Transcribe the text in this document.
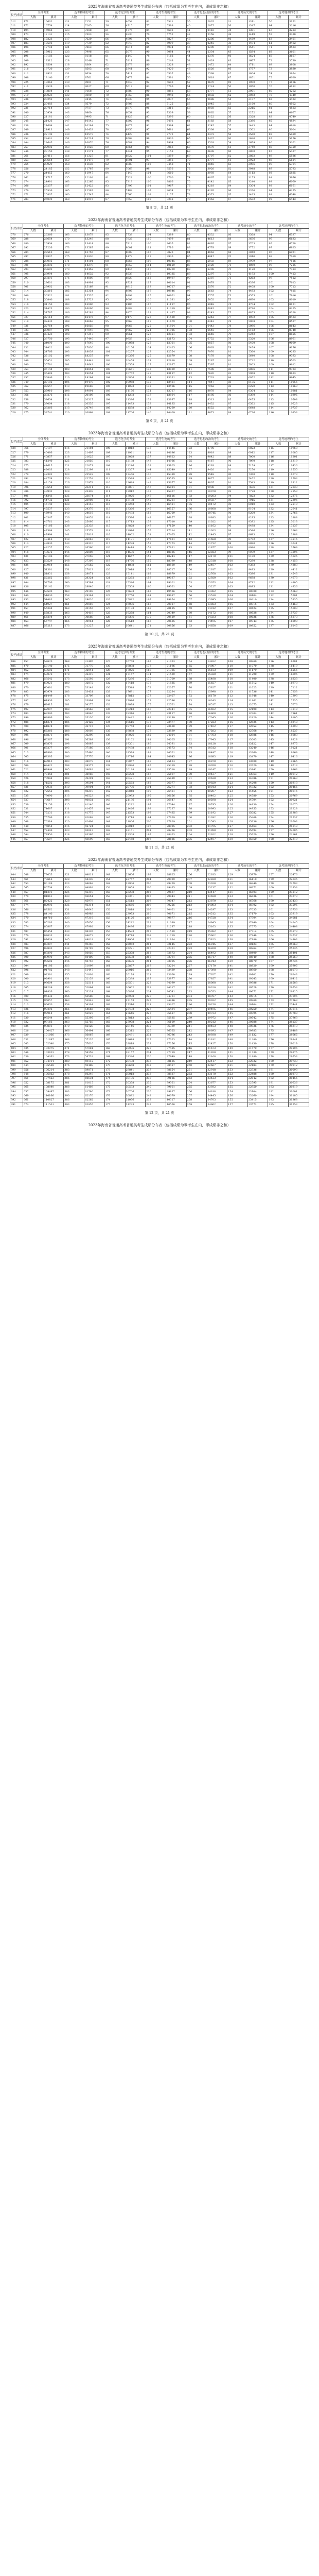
2023年海南省普通高考普通类考生成绩分布表（包括成绩为零考生在内，即成绩非之和）
投档成绩	全体考生		选考物理的考生		选考化学的考生		选考生物的考生		选考思想政治的考生		选考历史的考生		选考地理的考生	
	人数	累计	人数	累计	人数	累计	人数	累计	人数	累计	人数	累计	人数	累计
612	171	16602	121	7151	59	4659	82	5521	35	2035	31	1311	56	3152
611	172	16774	114	7265	56	4715	77	5598	40	2075	36	1347	64	3216
610	194	16968	123	7388	61	4776	84	5682	41	2116	34	1381	67	3283
609	173	17141	115	7503	54	4830	70	5752	42	2158	38	1419	55	3338
608	182	17323	117	7620	66	4896	75	5827	48	2206	40	1459	63	3401
607	183	17506	119	7739	52	4948	82	5909	39	2245	35	1494	61	3462
606	198	17704	124	7863	66	5014	85	5994	45	2290	47	1541	71	3533
605	208	17912	133	7996	65	5079	90	6084	44	2334	43	1584	68	3601
604	191	18103	122	8118	61	5140	78	6162	44	2378	40	1624	66	3667
603	209	18312	128	8246	71	5211	86	6248	51	2429	43	1667	72	3739
602	192	18504	118	8364	62	5273	80	6328	43	2472	44	1711	69	3808
601	216	18720	139	8503	68	5341	92	6420	48	2520	46	1757	72	3880
600	212	18932	131	8634	70	5411	87	6507	48	2568	47	1804	74	3954
599	208	19140	127	8761	66	5477	84	6591	50	2618	47	1851	75	4029
598	225	19365	140	8901	71	5548	92	6683	52	2670	49	1900	77	4106
597	211	19576	126	9027	69	5617	83	6766	54	2724	50	1950	76	4182
596	228	19804	141	9168	72	5689	90	6856	53	2777	51	2001	80	4262
595	219	20023	132	9300	70	5759	86	6942	55	2832	52	2053	78	4340
594	236	20259	145	9445	74	5833	95	7037	56	2888	54	2107	82	4422
593	224	20483	134	9579	72	5905	88	7125	57	2945	53	2160	80	4502
592	231	20714	138	9717	73	5978	91	7216	58	3003	55	2215	81	4583
591	240	20954	143	9860	76	6054	93	7309	59	3062	57	2272	84	4667
590	227	21181	135	9995	71	6125	87	7396	60	3122	56	2328	82	4749
589	245	21426	147	10142	77	6202	96	7492	61	3183	58	2386	85	4834
588	238	21664	142	10284	75	6277	92	7584	62	3245	57	2443	84	4918
587	249	21913	149	10433	78	6355	97	7681	63	3308	59	2502	86	5004
586	236	22149	140	10573	74	6429	91	7772	64	3372	58	2560	85	5089
585	252	22401	151	10724	79	6508	98	7870	65	3437	60	2620	87	5176
584	244	22645	146	10870	76	6584	94	7964	66	3503	59	2679	86	5262
583	257	22902	153	11023	80	6664	99	8063	67	3570	61	2740	88	5350
582	248	23150	148	11171	77	6741	95	8158	68	3638	60	2800	87	5437
581	261	23411	156	11327	81	6822	101	8259	69	3707	62	2862	89	5526
580	253	23664	150	11477	79	6901	97	8356	70	3777	61	2923	88	5614
579	265	23929	158	11635	82	6983	102	8458	71	3848	63	2986	90	5704
578	256	24185	152	11787	80	7063	98	8556	72	3920	62	3048	89	5793
577	270	24455	160	11947	84	7147	104	8660	73	3993	64	3112	92	5885
576	262	24717	155	12102	81	7228	100	8760	74	4067	63	3175	91	5976
575	274	24991	163	12265	85	7313	106	8866	75	4142	65	3240	93	6069
574	266	25257	157	12422	83	7396	101	8967	76	4218	64	3304	92	6161
573	279	25536	165	12587	86	7482	107	9074	77	4295	66	3370	94	6255
572	271	25807	160	12747	84	7566	103	9177	78	4373	65	3435	93	6348
571	283	26090	168	12915	87	7653	108	9285	79	4452	67	3502	95	6443
第 8 页，共 21 页
2023年海南省普通高考普通类考生成绩分布表（包括成绩为零考生在内，即成绩非之和）
投档成绩	全体考生		选考物理的考生		选考化学的考生		选考生物的考生		选考思想政治的考生		选考历史的考生		选考地理的考生	
	人数	累计	人数	累计	人数	累计	人数	累计	人数	累计	人数	累计	人数	累计
570	276	26366	163	13078	85	7738	104	9389	80	4532	66	3568	94	6537
569	288	26654	170	13248	88	7826	110	9499	81	4613	68	3636	96	6633
568	280	26934	166	13414	86	7912	106	9605	82	4695	67	3703	95	6728
567	292	27226	173	13587	89	8001	111	9716	83	4778	69	3772	97	6825
566	284	27510	168	13755	87	8088	107	9823	84	4862	68	3840	96	6921
565	297	27807	175	13930	90	8178	113	9936	85	4947	70	3910	98	7019
564	288	28095	171	14101	88	8266	109	10045	86	5033	69	3979	97	7116
563	301	28396	178	14279	91	8357	114	10159	87	5120	71	4050	99	7215
562	293	28689	173	14452	89	8446	110	10269	88	5208	70	4120	98	7313
561	305	28994	180	14632	92	8538	116	10385	89	5297	72	4192	100	7413
560	297	29291	176	14808	90	8628	112	10497	90	5387	71	4263	99	7512
559	310	29601	183	14991	93	8721	117	10614	91	5478	73	4336	101	7613
558	301	29902	178	15169	91	8812	113	10727	92	5570	72	4408	100	7713
557	314	30216	185	15354	94	8906	119	10846	93	5663	74	4482	102	7815
556	306	30522	181	15535	92	8998	115	10961	94	5757	73	4555	101	7916
555	318	30840	188	15723	95	9093	120	11081	95	5852	75	4630	103	8019
554	310	31150	183	15906	93	9186	116	11197	96	5948	74	4704	102	8121
553	323	31473	190	16096	96	9282	122	11319	97	6045	76	4780	104	8225
552	314	31787	186	16282	94	9376	118	11437	98	6143	75	4855	103	8328
551	327	32114	193	16475	97	9473	123	11560	99	6242	77	4932	105	8433
550	319	32433	188	16663	95	9568	119	11679	100	6342	76	5008	104	8537
549	331	32764	195	16858	98	9666	125	11804	101	6443	78	5086	106	8643
548	323	33087	191	17049	96	9762	121	11925	102	6545	77	5163	105	8748
547	336	33423	198	17247	99	9861	126	12051	103	6648	79	5242	107	8855
546	327	33750	193	17440	97	9958	122	12173	104	6752	78	5320	106	8961
545	340	34090	200	17640	100	10058	128	12301	105	6857	80	5400	108	9069
544	332	34422	196	17836	98	10156	124	12425	106	6963	79	5479	107	9176
543	344	34766	203	18039	101	10257	129	12554	107	7070	81	5560	109	9285
542	336	35102	198	18237	99	10356	125	12679	108	7178	80	5640	108	9393
541	349	35451	205	18442	102	10458	131	12810	109	7287	82	5722	110	9503
540	340	35791	201	18643	100	10558	127	12937	110	7397	81	5803	109	9612
539	353	36144	208	18851	103	10661	132	13069	111	7508	83	5886	111	9723
538	345	36489	203	19054	101	10762	128	13197	112	7620	82	5968	110	9833
537	357	36846	210	19264	104	10866	134	13331	113	7733	84	6052	112	9945
536	349	37195	206	19470	102	10968	130	13461	114	7847	83	6135	111	10056
535	362	37557	213	19683	105	11073	135	13596	115	7962	85	6220	113	10169
534	353	37910	208	19891	103	11176	131	13727	116	8078	84	6304	112	10281
533	366	38276	215	20106	106	11282	137	13864	117	8195	86	6390	114	10395
532	358	38634	211	20317	104	11386	133	13997	118	8313	85	6475	113	10508
531	370	39004	218	20535	107	11493	138	14135	119	8432	87	6562	115	10623
530	362	39366	213	20748	105	11598	134	14269	120	8552	86	6648	114	10737
529	375	39741	220	20968	108	11706	140	14409	121	8673	88	6736	116	10853
第 9 页，共 21 页
2023年海南省普通高考普通类考生成绩分布表（包括成绩为零考生在内，即成绩非之和）
投档成绩	全体考生		选考物理的考生		选考化学的考生		选考生物的考生		选考思想政治的考生		选考历史的考生		选考地理的考生	
	人数	累计	人数	累计	人数	累计	人数	累计	人数	累计	人数	累计	人数	累计
528	366	40107	216	21184	106	11812	136	14545	122	8795	87	6823	115	10968
527	379	40486	223	21407	109	11921	141	14686	123	8918	89	6912	117	11085
526	371	40857	218	21625	107	12028	137	14823	124	9042	88	7000	116	11201
525	383	41240	225	21850	110	12138	143	14966	125	9167	90	7090	118	11319
524	375	41615	221	22071	108	12246	139	15105	126	9293	89	7179	117	11436
523	388	42003	228	22299	111	12357	144	15249	127	9420	91	7270	119	11555
522	379	42382	223	22522	109	12466	140	15389	128	9548	90	7360	118	11673
521	392	42774	230	22752	112	12578	146	15535	129	9677	92	7452	120	11793
520	384	43158	226	22978	110	12688	142	15677	130	9807	91	7543	119	11912
519	396	43554	233	23211	113	12801	147	15824	131	9938	93	7636	121	12033
518	388	43942	228	23439	111	12912	143	15967	132	10070	92	7728	120	12153
517	401	44343	235	23674	114	13026	149	16116	133	10203	94	7822	122	12275
516	392	44735	231	23905	112	13138	145	16261	134	10337	93	7915	121	12396
515	405	45140	238	24143	115	13253	150	16411	135	10472	95	8010	123	12519
514	397	45537	233	24376	113	13366	146	16557	136	10608	94	8104	122	12641
513	409	45946	240	24616	116	13482	152	16709	137	10745	96	8200	124	12765
512	401	46347	236	24852	114	13596	148	16857	138	10883	95	8295	123	12888
511	414	46761	243	25095	117	13713	153	17010	139	11022	97	8392	125	13013
510	405	47166	238	25333	115	13828	149	17159	140	11162	96	8488	124	13137
509	418	47584	245	25578	118	13946	155	17314	141	11303	98	8586	126	13263
508	410	47994	241	25819	116	14062	151	17465	142	11445	97	8683	125	13388
507	422	48416	248	26067	119	14181	156	17621	143	11588	99	8782	127	13515
506	414	48830	243	26310	117	14298	152	17773	144	11732	98	8880	126	13641
505	427	49257	250	26560	120	14418	158	17931	145	11877	100	8980	128	13769
504	418	49675	246	26806	118	14536	154	18085	146	12023	99	9079	127	13896
503	431	50106	253	27059	121	14657	159	18244	147	12170	101	9180	129	14025
502	423	50529	248	27307	119	14776	155	18399	148	12318	100	9280	128	14153
501	435	50964	255	27562	122	14898	161	18560	149	12467	102	9382	130	14283
500	427	51391	251	27813	120	15018	157	18717	150	12617	101	9483	129	14412
499	440	51831	258	28071	123	15141	162	18879	151	12768	103	9586	131	14543
498	431	52262	253	28324	121	15262	158	19037	152	12920	102	9688	130	14673
497	444	52706	260	28584	124	15386	164	19201	153	13073	104	9792	132	14805
496	436	53142	256	28840	122	15508	160	19361	154	13227	103	9895	131	14936
495	448	53590	263	29103	125	15633	165	19526	155	13382	105	10000	133	15069
494	440	54030	258	29361	123	15756	161	19687	156	13538	104	10104	132	15201
493	453	54483	265	29626	126	15882	167	19854	157	13695	106	10210	134	15335
492	444	54927	261	29887	124	16006	163	20017	158	13853	105	10315	133	15468
491	457	55384	268	30155	127	16133	168	20185	159	14012	107	10422	135	15603
490	449	55833	263	30418	125	16258	164	20349	160	14172	106	10528	134	15737
489	461	56294	270	30688	128	16386	170	20519	161	14333	108	10636	136	15873
488	453	56747	266	30954	126	16512	166	20685	162	14495	107	10743	135	16008
487	466	57213	273	31227	129	16641	171	20856	163	14658	109	10852	137	16145
第 10 页，共 21 页
2023年海南省普通高考普通类考生成绩分布表（包括成绩为零考生在内，即成绩非之和）
投档成绩	全体考生		选考物理的考生		选考化学的考生		选考生物的考生		选考思想政治的考生		选考历史的考生		选考地理的考生	
	人数	累计	人数	累计	人数	累计	人数	累计	人数	累计	人数	累计	人数	累计
486	457	57670	268	31495	127	16768	167	21023	164	14822	108	10960	136	16281
485	470	58140	275	31770	130	16898	173	21196	165	14987	110	11070	138	16419
484	462	58602	271	32041	128	17026	169	21365	166	15153	109	11179	137	16556
483	474	59076	278	32319	131	17157	174	21539	167	15320	111	11290	139	16695
482	466	59542	273	32592	129	17286	170	21709	168	15488	110	11400	138	16833
481	479	60021	280	32872	132	17418	176	21885	169	15657	112	11512	140	16973
480	470	60491	276	33148	130	17548	172	22057	170	15827	111	11623	139	17112
479	483	60974	283	33431	133	17681	177	22234	171	15998	113	11736	141	17253
478	475	61449	278	33709	131	17812	173	22407	172	16170	112	11848	140	17393
477	487	61936	285	33994	134	17946	179	22586	173	16343	114	11962	142	17535
476	479	62415	281	34275	132	18078	175	22761	174	16517	113	12075	141	17676
475	492	62907	288	34563	135	18213	180	22941	175	16692	115	12190	143	17819
474	483	63390	283	34846	133	18346	176	23117	176	16868	114	12304	142	17961
473	496	63886	290	35136	136	18482	182	23299	177	17045	116	12420	144	18105
472	488	64374	286	35422	134	18616	178	23477	178	17223	115	12535	143	18248
471	500	64874	293	35715	137	18753	183	23660	179	17402	117	12652	145	18393
470	492	65366	288	36003	135	18888	179	23839	180	17582	116	12768	144	18537
469	505	65871	295	36298	138	19026	185	24024	181	17763	118	12886	146	18683
468	496	66367	291	36589	136	19162	181	24205	182	17945	117	13003	145	18828
467	509	66876	298	36887	139	19301	186	24391	183	18128	119	13122	147	18975
466	501	67377	293	37180	137	19438	182	24573	184	18312	118	13240	146	19121
465	513	67890	300	37480	140	19578	188	24761	185	18497	120	13360	148	19269
464	505	68395	296	37776	138	19716	184	24945	186	18683	119	13479	147	19416
463	518	68913	303	38079	141	19857	189	25134	187	18870	121	13600	149	19565
462	509	69422	298	38377	139	19996	185	25319	188	19058	120	13720	148	19713
461	522	69944	305	38682	142	20138	191	25510	189	19247	122	13842	150	19863
460	514	70458	301	38983	140	20278	187	25697	190	19437	121	13963	149	20012
459	526	70984	308	39291	143	20421	192	25889	191	19628	123	14086	151	20163
458	518	71502	303	39594	141	20562	188	26077	192	19820	122	14208	150	20313
457	531	72033	310	39904	144	20706	194	26271	193	20013	124	14332	152	20465
456	522	72555	306	40210	142	20848	190	26461	194	20207	123	14455	151	20616
455	535	73090	313	40523	145	20993	195	26656	195	20402	125	14580	153	20769
454	527	73617	308	40831	143	21136	191	26847	196	20598	124	14704	152	20921
453	539	74156	315	41146	146	21282	197	27044	197	20795	126	14830	154	21075
452	531	74687	311	41457	144	21426	193	27237	198	20993	125	14955	153	21228
451	544	75231	318	41775	147	21573	198	27435	199	21192	127	15082	155	21383
450	535	75766	313	42088	145	21718	194	27629	200	21392	126	15208	154	21537
449	548	76314	320	42408	148	21866	200	27829	201	21593	128	15336	156	21693
448	540	76854	316	42724	146	22012	196	28025	202	21795	127	15463	155	21848
447	552	77406	323	43047	149	22161	201	28226	203	21998	129	15592	157	22005
446	544	77950	318	43365	147	22308	197	28423	204	22202	128	15720	156	22161
445	557	78507	325	43690	150	22458	203	28626	205	22407	130	15850	158	22319
第 11 页，共 21 页
2023年海南省普通高考普通类考生成绩分布表（包括成绩为零考生在内，即成绩非之和）
投档成绩	全体考生		选考物理的考生		选考化学的考生		选考生物的考生		选考思想政治的考生		选考历史的考生		选考地理的考生	
	人数	累计	人数	累计	人数	累计	人数	累计	人数	累计	人数	累计	人数	累计
444	548	79055	321	44011	148	22606	199	28825	206	22613	129	15979	157	22476
443	561	79616	328	44339	151	22757	204	29029	207	22820	131	16110	159	22635
442	553	80169	323	44662	149	22906	200	29229	208	23028	130	16240	158	22793
441	565	80734	330	44992	152	23058	206	29435	209	23237	132	16372	160	22953
440	557	81291	326	45318	150	23208	202	29637	210	23447	131	16503	159	23112
439	570	81861	333	45651	153	23361	207	29844	211	23658	133	16636	161	23273
438	561	82422	328	45979	151	23512	203	30047	212	23870	132	16768	160	23433
437	574	82996	335	46314	154	23666	209	30256	213	24083	134	16902	162	23595
436	566	83562	331	46645	152	23818	205	30461	214	24297	133	17035	161	23756
435	578	84140	338	46983	155	23973	210	30671	215	24512	135	17170	163	23919
434	570	84710	333	47316	153	24126	206	30877	216	24728	134	17304	162	24081
433	583	85293	340	47656	156	24282	212	31089	217	24945	136	17440	164	24245
432	574	85867	336	47992	154	24436	208	31297	218	25163	135	17575	163	24408
431	587	86454	343	48335	157	24593	213	31510	219	25382	137	17712	165	24573
430	579	87033	338	48673	155	24748	209	31719	220	25602	136	17848	164	24737
429	591	87624	345	49018	158	24906	215	31934	221	25823	138	17986	166	24903
428	583	88207	341	49359	156	25062	211	32145	222	26045	137	18123	165	25068
427	596	88803	348	49707	159	25221	216	32361	223	26268	139	18262	167	25235
426	587	89390	343	50050	157	25378	212	32573	224	26492	138	18400	166	25401
425	600	89990	350	50400	160	25538	218	32791	225	26717	140	18540	168	25569
424	592	90582	346	50746	158	25696	214	33005	226	26943	139	18679	167	25736
423	604	91186	353	51099	161	25857	219	33224	227	27170	141	18820	169	25905
422	596	91782	348	51447	159	26016	215	33439	228	27398	140	18960	168	26073
421	609	92391	355	51802	162	26178	221	33660	229	27627	142	19102	170	26243
420	600	92991	351	52153	160	26338	217	33877	230	27857	141	19243	169	26412
419	613	93604	358	52511	163	26501	222	34099	231	28088	143	19386	171	26583
418	605	94209	353	52864	161	26662	218	34317	232	28320	142	19528	170	26753
417	617	94826	360	53224	164	26826	224	34541	233	28553	144	19672	172	26925
416	609	95435	356	53580	162	26988	220	34761	234	28787	143	19815	171	27096
415	622	96057	363	53943	165	27153	225	34986	235	29022	145	19960	173	27269
414	613	96670	358	54301	163	27316	221	35207	236	29258	144	20104	172	27441
413	626	97296	365	54666	166	27482	227	35434	237	29495	146	20250	174	27615
412	618	97914	361	55027	164	27646	223	35657	238	29733	145	20395	173	27788
411	630	98544	368	55395	167	27813	228	35885	239	29972	147	20542	175	27963
410	622	99166	363	55758	165	27978	224	36109	240	30212	146	20688	174	28137
409	635	99801	370	56128	168	28146	230	36339	241	30453	148	20836	176	28313
408	626	100427	366	56494	166	28312	226	36565	242	30695	147	20983	175	28488
407	639	101066	373	56867	169	28481	231	36796	243	30938	149	21132	177	28665
406	631	101697	368	57235	167	28648	227	37023	244	31182	148	21280	176	28841
405	643	102340	375	57610	170	28818	233	37256	245	31427	150	21430	178	29019
404	635	102975	371	57981	168	28986	229	37485	246	31673	149	21579	177	29196
403	648	103623	378	58359	171	29157	234	37719	247	31920	151	21730	179	29375
402	639	104262	373	58732	169	29326	230	37949	248	32168	150	21880	178	29553
401	652	104914	380	59112	172	29498	236	38185	249	32417	152	22032	180	29733
400	644	105558	376	59488	170	29668	232	38417	250	32667	151	22183	179	29912
399	656	106214	383	59871	173	29841	237	38654	251	32918	153	22336	181	30093
398	648	106862	378	60249	171	30012	233	38887	252	33170	152	22488	180	30273
397	661	107523	385	60634	174	30186	239	39126	253	33423	154	22642	182	30455
396	652	108175	381	61015	172	30358	235	39361	254	33677	153	22795	181	30636
395	665	108840	388	61403	175	30533	240	39601	255	33932	155	22950	183	30819
394	657	109497	383	61786	173	30706	236	39837	256	34188	154	23104	182	31001
393	669	110166	390	62176	176	30882	242	40079	257	34445	156	23260	184	31185
392	661	110827	386	62562	174	31056	238	40317	258	34703	155	23415	183	31368
391	674	111501	393	62955	177	31233	243	40560	259	34962	157	23572	185	31553
第 12 页，共 21 页
2023年海南省普通高考普通类考生成绩分布表（包括成绩为零考生在内，即成绩非之和）
